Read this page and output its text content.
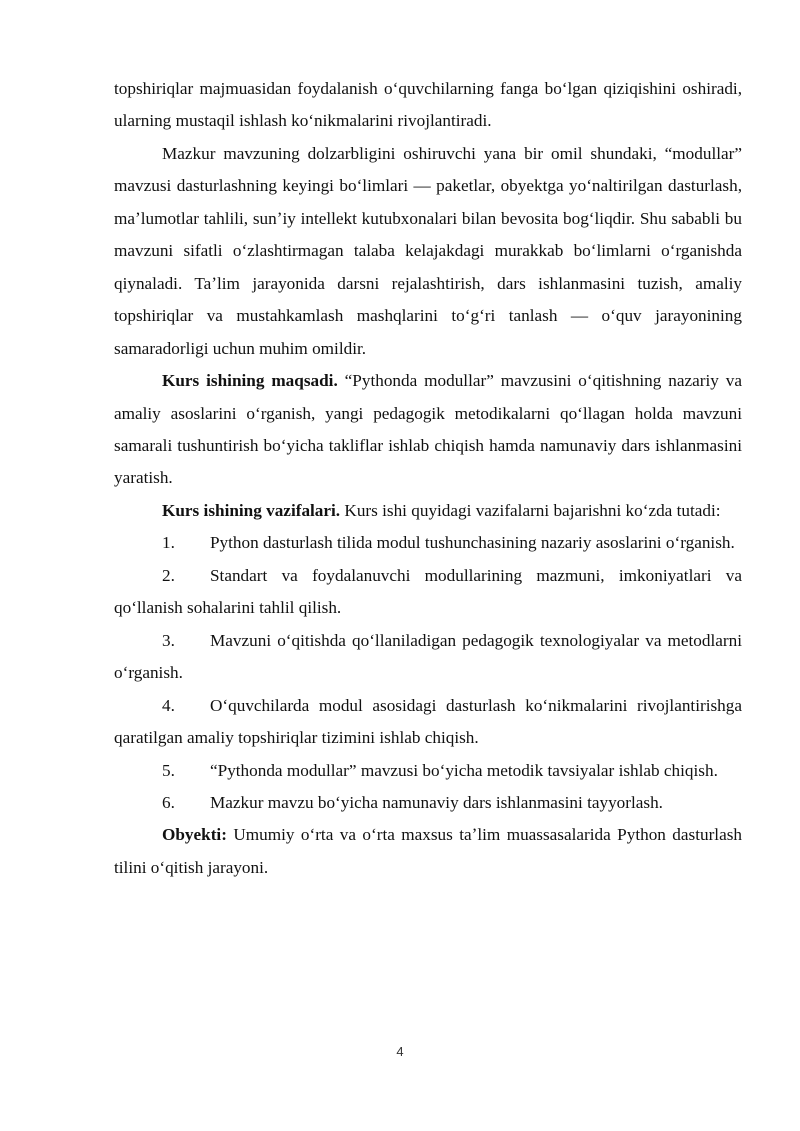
topshiriqlar majmuasidan foydalanish oʻquvchilarning fanga boʻlgan qiziqishini oshiradi, ularning mustaqil ishlash koʻnikmalarini rivojlantiradi.

Mazkur mavzuning dolzarbligini oshiruvchi yana bir omil shundaki, “modullar” mavzusi dasturlashning keyingi boʻlimlari — paketlar, obyektga yoʻnaltirilgan dasturlash, maʼlumotlar tahlili, sunʼiy intellekt kutubxonalari bilan bevosita bogʻliqdir. Shu sababli bu mavzuni sifatli oʻzlashtirmagan talaba kelajakdagi murakkab boʻlimlarni oʻrganishda qiynaladi. Taʼlim jarayonida darsni rejalashtirish, dars ishlanmasini tuzish, amaliy topshiriqlar va mustahkamlash mashqlarini toʻgʻri tanlash — oʻquv jarayonining samaradorligi uchun muhim omildir.

Kurs ishining maqsadi. “Pythonda modullar” mavzusini oʻqitishning nazariy va amaliy asoslarini oʻrganish, yangi pedagogik metodikalarni qoʻllagan holda mavzuni samarali tushuntirish boʻyicha takliflar ishlab chiqish hamda namunaviy dars ishlanmasini yaratish.

Kurs ishining vazifalari. Kurs ishi quyidagi vazifalarni bajarishni koʻzda tutadi:

1. Python dasturlash tilida modul tushunchasining nazariy asoslarini oʻrganish.

2. Standart va foydalanuvchi modullarining mazmuni, imkoniyatlari va qoʻllanish sohalarini tahlil qilish.

3. Mavzuni oʻqitishda qoʻllaniladigan pedagogik texnologiyalar va metodlarni oʻrganish.

4. Oʻquvchilarda modul asosidagi dasturlash koʻnikmalarini rivojlantirishga qaratilgan amaliy topshiriqlar tizimini ishlab chiqish.

5. “Pythonda modullar” mavzusi boʻyicha metodik tavsiyalar ishlab chiqish.

6. Mazkur mavzu boʻyicha namunaviy dars ishlanmasini tayyorlash.

Obyekti: Umumiy oʻrta va oʻrta maxsus taʼlim muassasalarida Python dasturlash tilini oʻqitish jarayoni.

4
